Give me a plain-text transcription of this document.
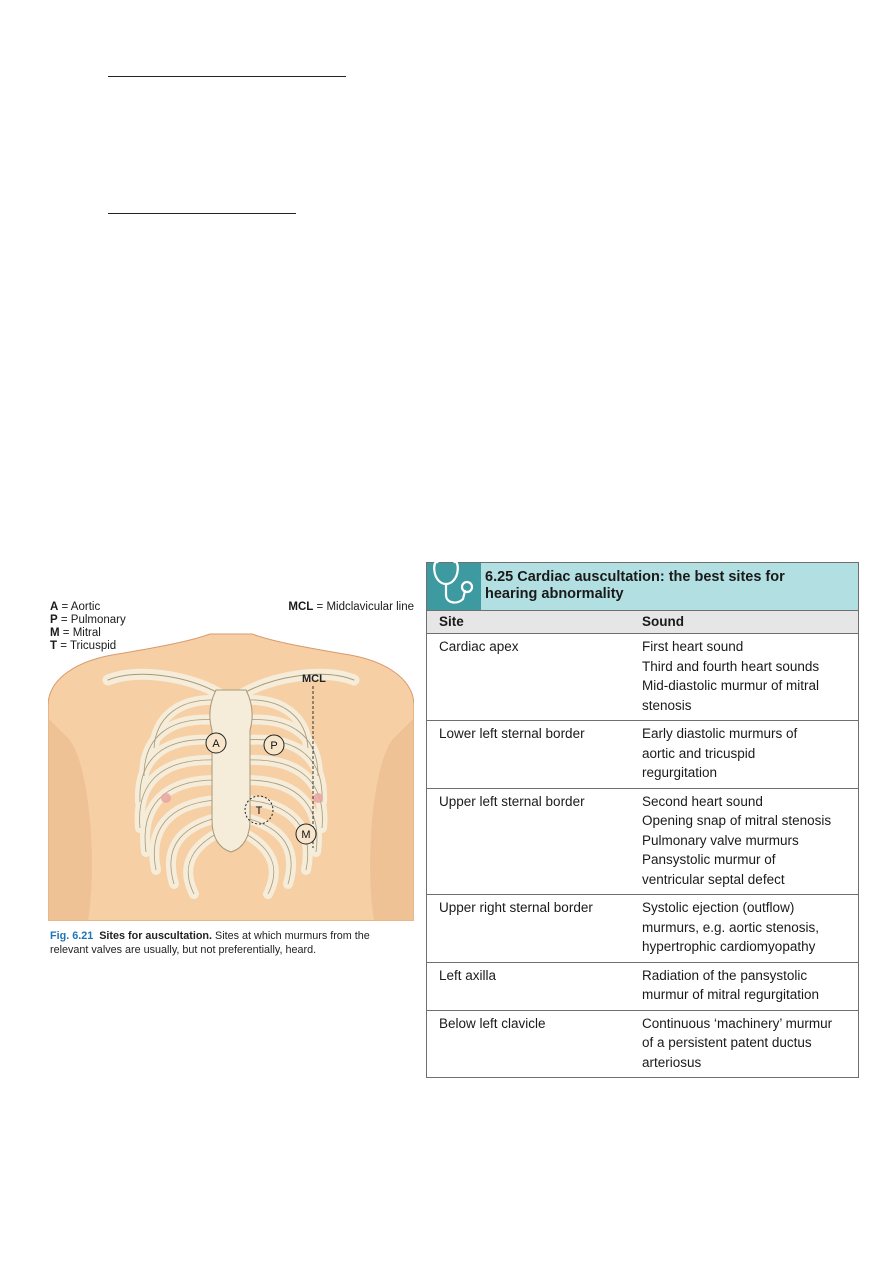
MCL
A	P
T
M
A = Aortic
P = Pulmonary
M = Mitral
T = Tricuspid
MCL = Midclavicular line
Fig. 6.21 Sites for auscultation. Sites at which murmurs from the relevant valves are usually, but not preferentially, heard.
6.25 Cardiac auscultation: the best sites for
hearing abnormality
Site	Sound
Cardiac apex	First heart sound
Third and fourth heart sounds
Mid-diastolic murmur of mitral
stenosis
Lower left sternal border	Early diastolic murmurs of
aortic and tricuspid
regurgitation
Upper left sternal border	Second heart sound
Opening snap of mitral stenosis
Pulmonary valve murmurs
Pansystolic murmur of
ventricular septal defect
Upper right sternal border	Systolic ejection (outflow)
murmurs, e.g. aortic stenosis,
hypertrophic cardiomyopathy
Left axilla	Radiation of the pansystolic
murmur of mitral regurgitation
Below left clavicle	Continuous ‘machinery’ murmur
of a persistent patent ductus
arteriosus
